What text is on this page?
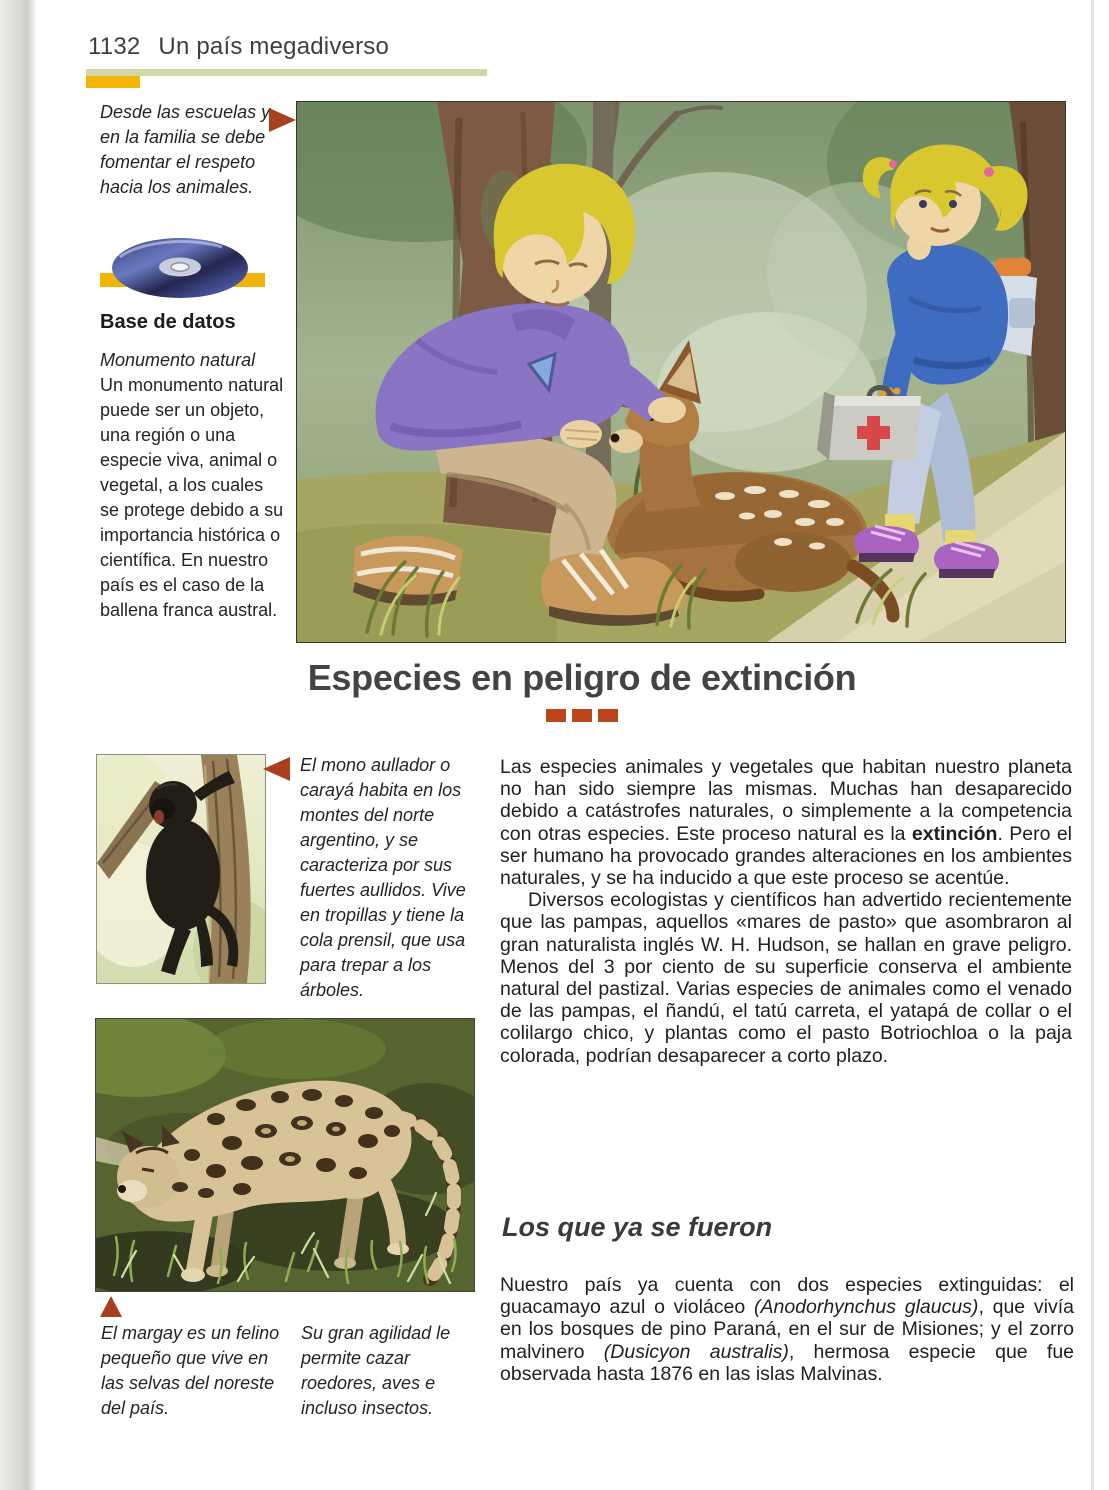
1132 Un país megadiverso

Desde las escuelas y en la familia se debe fomentar el respeto hacia los animales.

Base de datos

Monumento natural
Un monumento natural puede ser un objeto, una región o una especie viva, animal o vegetal, a los cuales se protege debido a su importancia histórica o científica. En nuestro país es el caso de la ballena franca austral.

Especies en peligro de extinción

El mono aullador o carayá habita en los montes del norte argentino, y se caracteriza por sus fuertes aullidos. Vive en tropillas y tiene la cola prensil, que usa para trepar a los árboles.

Las especies animales y vegetales que habitan nuestro planeta no han sido siempre las mismas. Muchas han desaparecido debido a catástrofes naturales, o simplemente a la competencia con otras especies. Este proceso natural es la extinción. Pero el ser humano ha provocado grandes alteraciones en los ambientes naturales, y se ha inducido a que este proceso se acentúe.

Diversos ecologistas y científicos han advertido recientemente que las pampas, aquellos «mares de pasto» que asombraron al gran naturalista inglés W. H. Hudson, se hallan en grave peligro. Menos del 3 por ciento de su superficie conserva el ambiente natural del pastizal. Varias especies de animales como el venado de las pampas, el ñandú, el tatú carreta, el yatapá de collar o el colilargo chico, y plantas como el pasto Botriochloa o la paja colorada, podrían desaparecer a corto plazo.

Los que ya se fueron

Nuestro país ya cuenta con dos especies extinguidas: el guacamayo azul o violáceo (Anodorhynchus glaucus), que vivía en los bosques de pino Paraná, en el sur de Misiones; y el zorro malvinero (Dusicyon australis), hermosa especie que fue observada hasta 1876 en las islas Malvinas.

El margay es un felino pequeño que vive en las selvas del noreste del país.

Su gran agilidad le permite cazar roedores, aves e incluso insectos.
